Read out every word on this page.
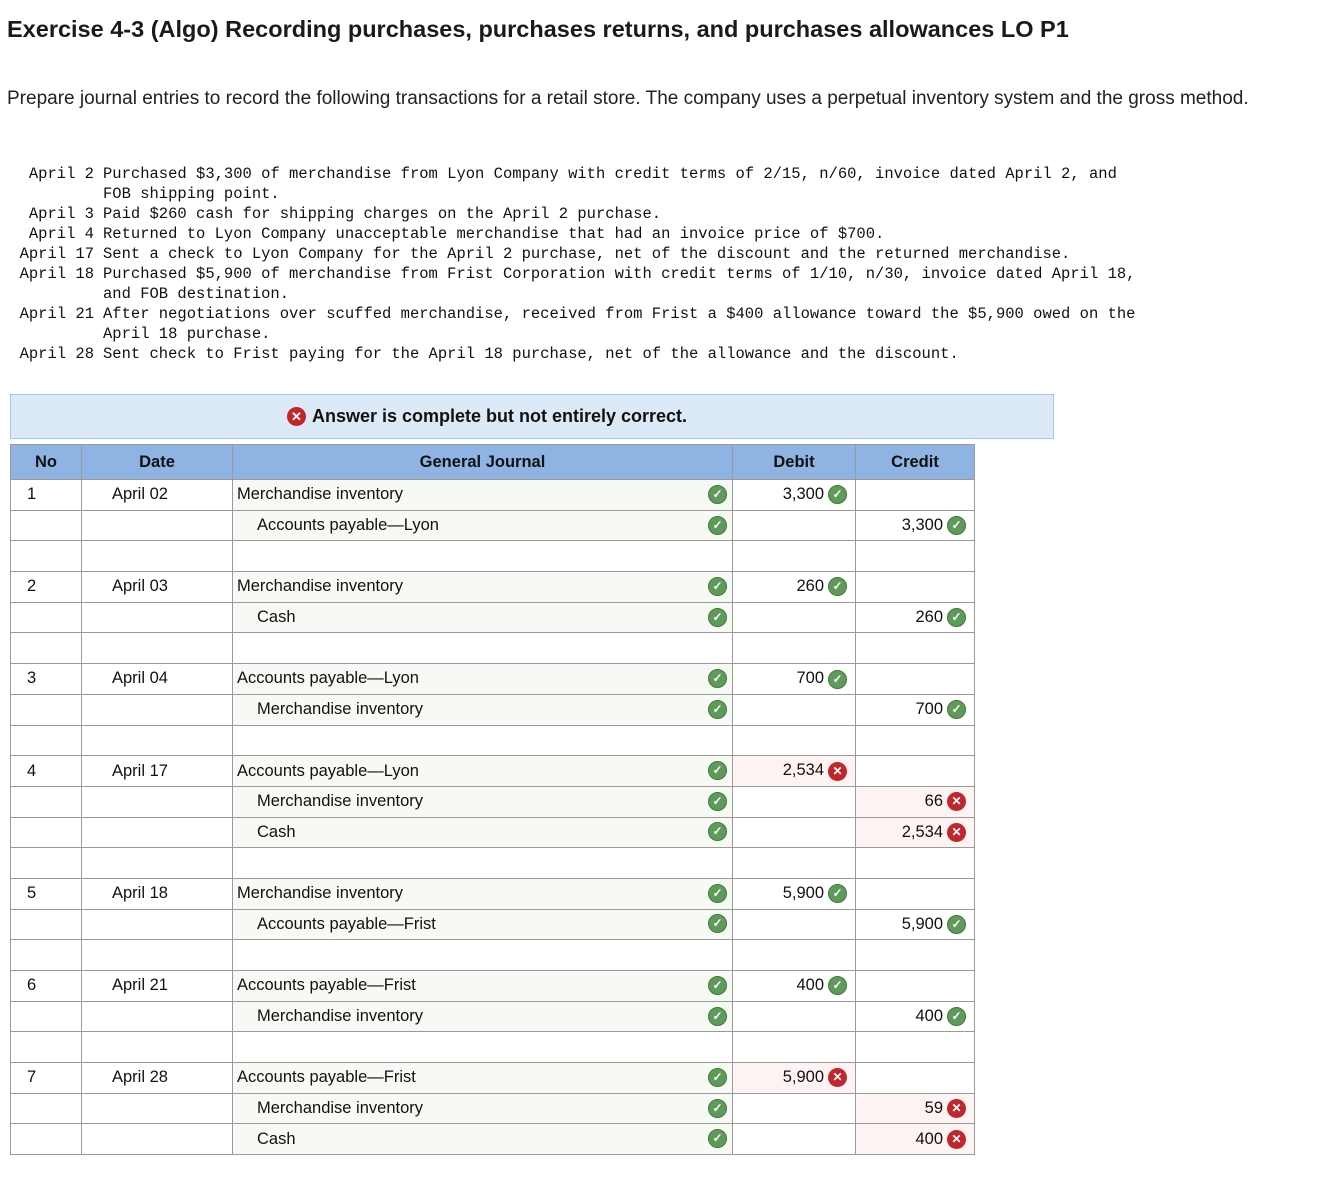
Exercise 4-3 (Algo) Recording purchases, purchases returns, and purchases allowances LO P1
Prepare journal entries to record the following transactions for a retail store. The company uses a perpetual inventory system and the gross method.
April 2 Purchased $3,300 of merchandise from Lyon Company with credit terms of 2/15, n/60, invoice dated April 2, and
FOB shipping point.
April 3 Paid $260 cash for shipping charges on the April 2 purchase.
April 4 Returned to Lyon Company unacceptable merchandise that had an invoice price of $700.
April 17 Sent a check to Lyon Company for the April 2 purchase, net of the discount and the returned merchandise.
April 18 Purchased $5,900 of merchandise from Frist Corporation with credit terms of 1/10, n/30, invoice dated April 18,
and FOB destination.
April 21 After negotiations over scuffed merchandise, received from Frist a $400 allowance toward the $5,900 owed on the
April 18 purchase.
April 28 Sent check to Frist paying for the April 18 purchase, net of the allowance and the discount.
✕ Answer is complete but not entirely correct.
No	Date	General Journal	Debit	Credit
1	April 02	Merchandise inventory ✓	3,300 ✓	
		Accounts payable—Lyon ✓		3,300 ✓

2	April 03	Merchandise inventory ✓	260 ✓	
		Cash ✓		260 ✓

3	April 04	Accounts payable—Lyon ✓	700 ✓	
		Merchandise inventory ✓		700 ✓

4	April 17	Accounts payable—Lyon ✓	2,534 ✕	
		Merchandise inventory ✓		66 ✕
		Cash ✓		2,534 ✕

5	April 18	Merchandise inventory ✓	5,900 ✓	
		Accounts payable—Frist ✓		5,900 ✓

6	April 21	Accounts payable—Frist ✓	400 ✓	
		Merchandise inventory ✓		400 ✓

7	April 28	Accounts payable—Frist ✓	5,900 ✕	
		Merchandise inventory ✓		59 ✕
		Cash ✓		400 ✕
